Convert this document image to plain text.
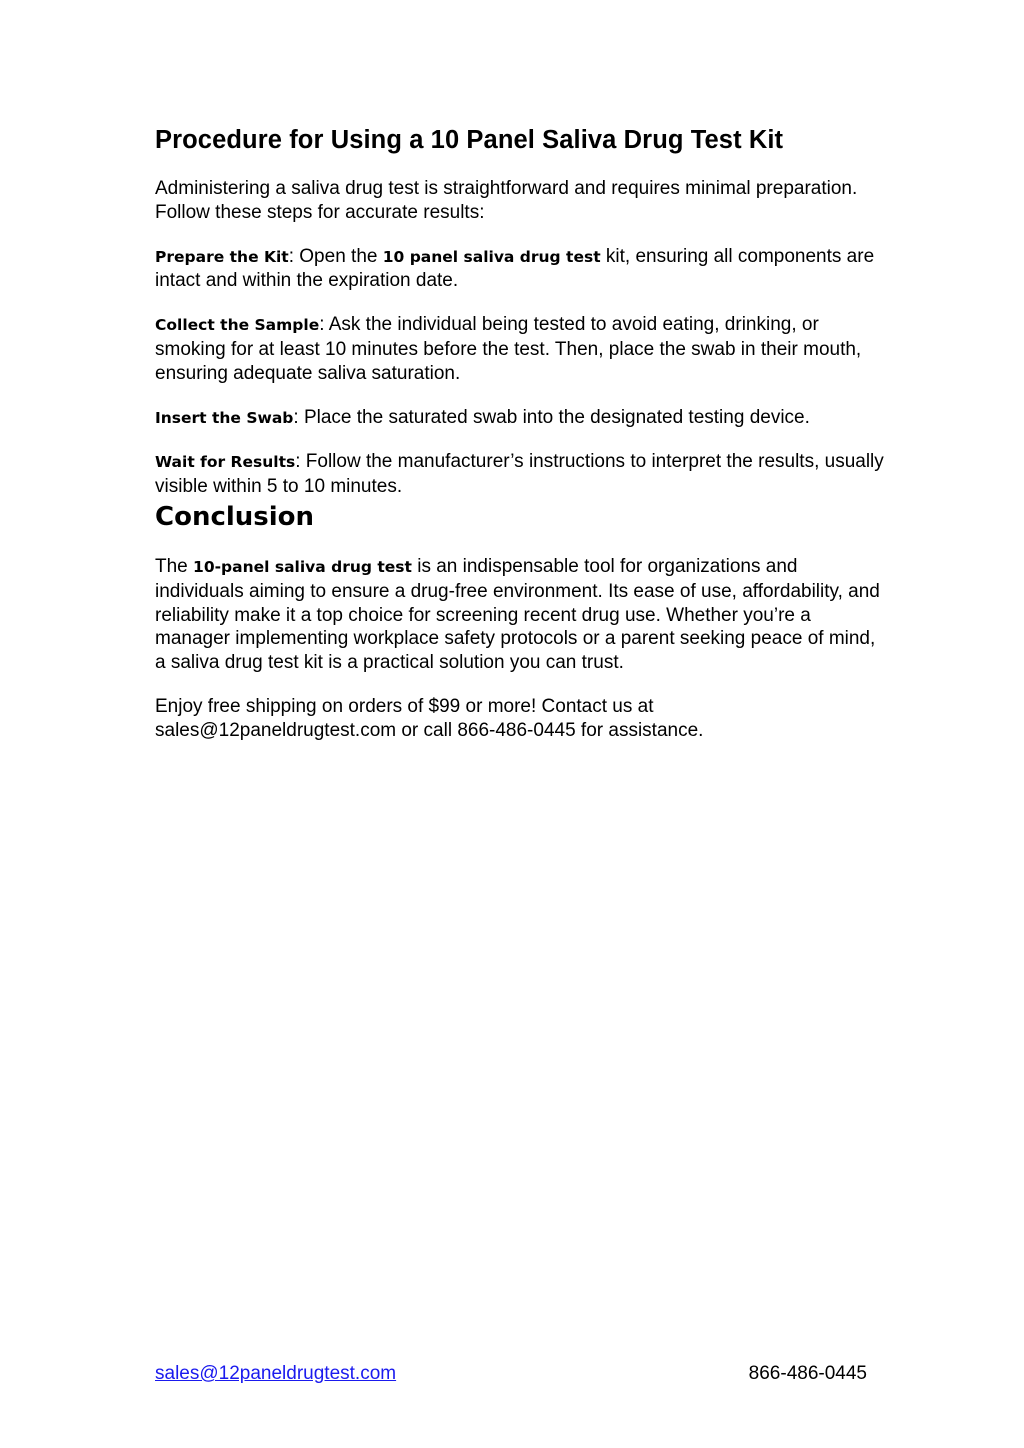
Procedure for Using a 10 Panel Saliva Drug Test Kit

Administering a saliva drug test is straightforward and requires minimal preparation. Follow these steps for accurate results:

Prepare the Kit: Open the 10 panel saliva drug test kit, ensuring all components are intact and within the expiration date.

Collect the Sample: Ask the individual being tested to avoid eating, drinking, or smoking for at least 10 minutes before the test. Then, place the swab in their mouth, ensuring adequate saliva saturation.

Insert the Swab: Place the saturated swab into the designated testing device.

Wait for Results: Follow the manufacturer’s instructions to interpret the results, usually visible within 5 to 10 minutes.

Conclusion

The 10-panel saliva drug test is an indispensable tool for organizations and individuals aiming to ensure a drug-free environment. Its ease of use, affordability, and reliability make it a top choice for screening recent drug use. Whether you’re a manager implementing workplace safety protocols or a parent seeking peace of mind, a saliva drug test kit is a practical solution you can trust.

Enjoy free shipping on orders of $99 or more! Contact us at sales@12paneldrugtest.com or call 866-486-0445 for assistance.

sales@12paneldrugtest.com	866-486-0445
